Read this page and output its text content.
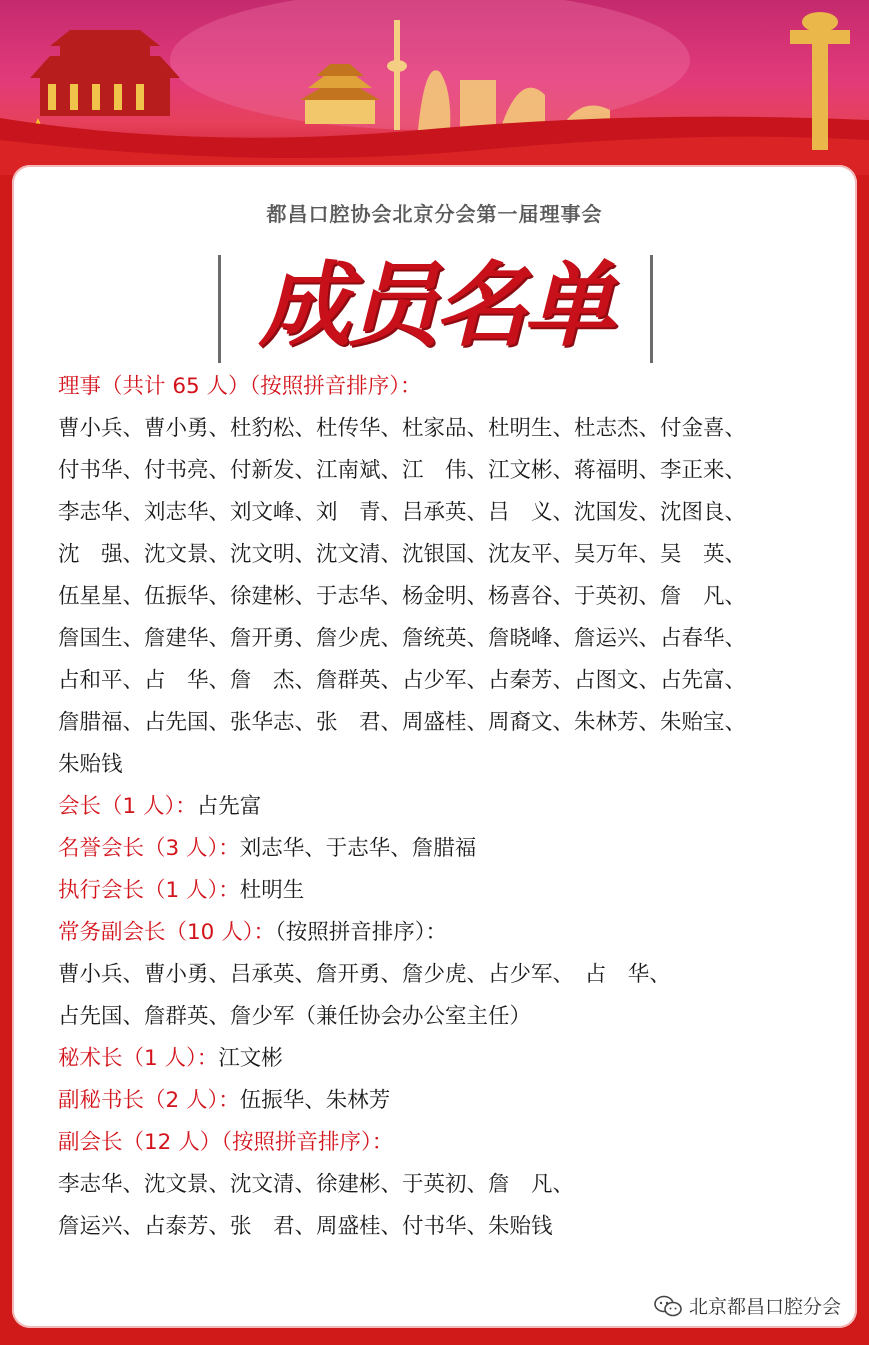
都昌口腔协会北京分会第一届理事会
成员名单
理事（共计 65 人）（按照拼音排序）：
曹小兵、曹小勇、杜豹松、杜传华、杜家品、杜明生、杜志杰、付金喜、
付书华、付书亮、付新发、江南斌、江　伟、江文彬、蒋福明、李正来、
李志华、刘志华、刘文峰、刘　青、吕承英、吕　义、沈国发、沈图良、
沈　强、沈文景、沈文明、沈文清、沈银国、沈友平、吴万年、吴　英、
伍星星、伍振华、徐建彬、于志华、杨金明、杨喜谷、于英初、詹　凡、
詹国生、詹建华、詹开勇、詹少虎、詹统英、詹晓峰、詹运兴、占春华、
占和平、占　华、詹　杰、詹群英、占少军、占秦芳、占图文、占先富、
詹腊福、占先国、张华志、张　君、周盛桂、周裔文、朱林芳、朱贻宝、
朱贻钱
会长（1 人）：占先富
名誉会长（3 人）：刘志华、于志华、詹腊福
执行会长（1 人）：杜明生
常务副会长（10 人）：（按照拼音排序）：
曹小兵、曹小勇、吕承英、詹开勇、詹少虎、占少军、　占　华、
占先国、詹群英、詹少军（兼任协会办公室主任）
秘术长（1 人）：江文彬
副秘书长（2 人）：伍振华、朱林芳
副会长（12 人）（按照拼音排序）：
李志华、沈文景、沈文清、徐建彬、于英初、詹　凡、
詹运兴、占泰芳、张　君、周盛桂、付书华、朱贻钱
北京都昌口腔分会
